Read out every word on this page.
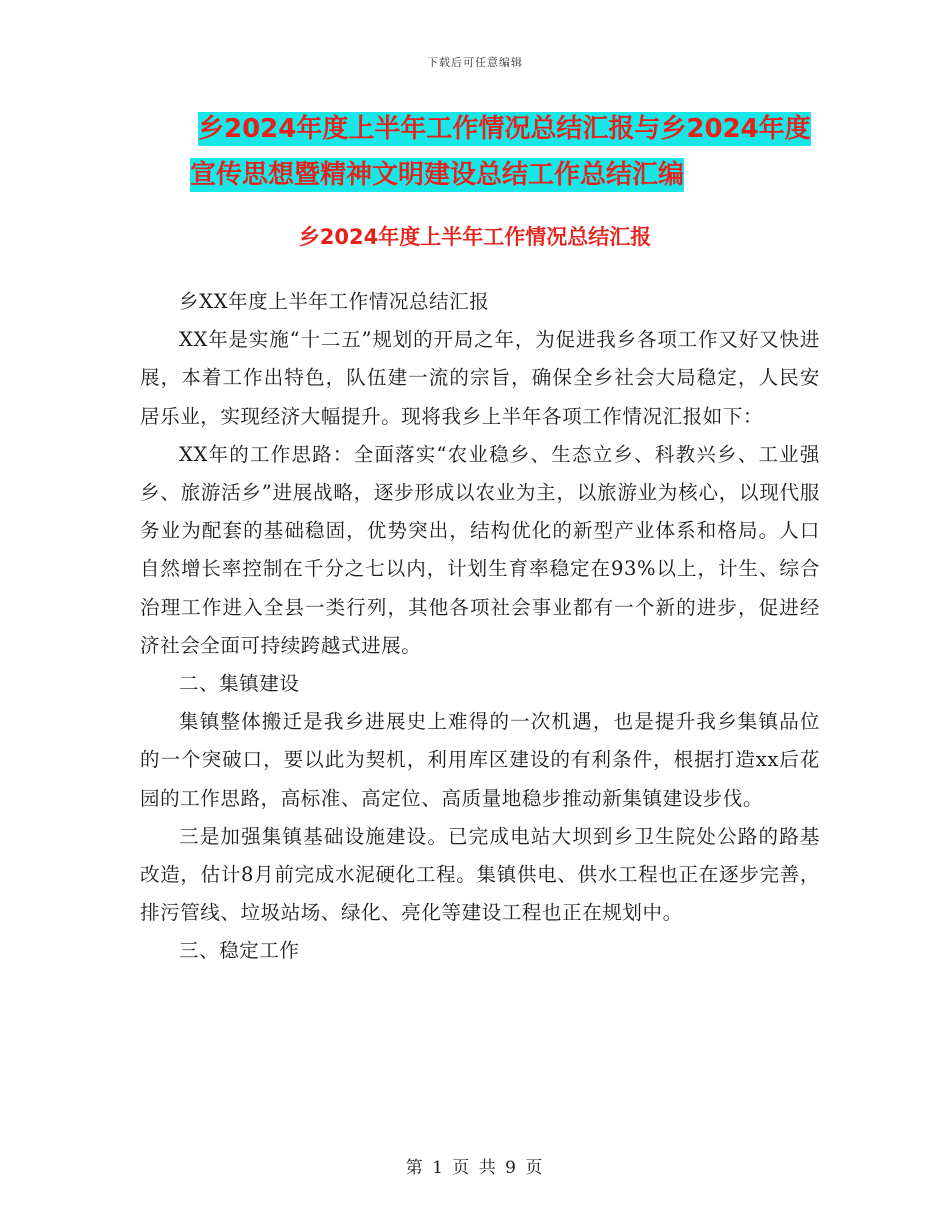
下载后可任意编辑
乡2024年度上半年工作情况总结汇报与乡2024年度
宣传思想暨精神文明建设总结工作总结汇编
乡2024年度上半年工作情况总结汇报

乡XX年度上半年工作情况总结汇报

XX年是实施“十二五”规划的开局之年，为促进我乡各项工作又好又快进展，本着工作出特色，队伍建一流的宗旨，确保全乡社会大局稳定，人民安居乐业，实现经济大幅提升。现将我乡上半年各项工作情况汇报如下：

XX年的工作思路：全面落实“农业稳乡、生态立乡、科教兴乡、工业强乡、旅游活乡”进展战略，逐步形成以农业为主，以旅游业为核心，以现代服务业为配套的基础稳固，优势突出，结构优化的新型产业体系和格局。人口自然增长率控制在千分之七以内，计划生育率稳定在93%以上，计生、综合治理工作进入全县一类行列，其他各项社会事业都有一个新的进步，促进经济社会全面可持续跨越式进展。

二、集镇建设

集镇整体搬迁是我乡进展史上难得的一次机遇，也是提升我乡集镇品位的一个突破口，要以此为契机，利用库区建设的有利条件，根据打造xx后花园的工作思路，高标准、高定位、高质量地稳步推动新集镇建设步伐。

三是加强集镇基础设施建设。已完成电站大坝到乡卫生院处公路的路基改造，估计8月前完成水泥硬化工程。集镇供电、供水工程也正在逐步完善，排污管线、垃圾站场、绿化、亮化等建设工程也正在规划中。

三、稳定工作

第 1 页 共 9 页
